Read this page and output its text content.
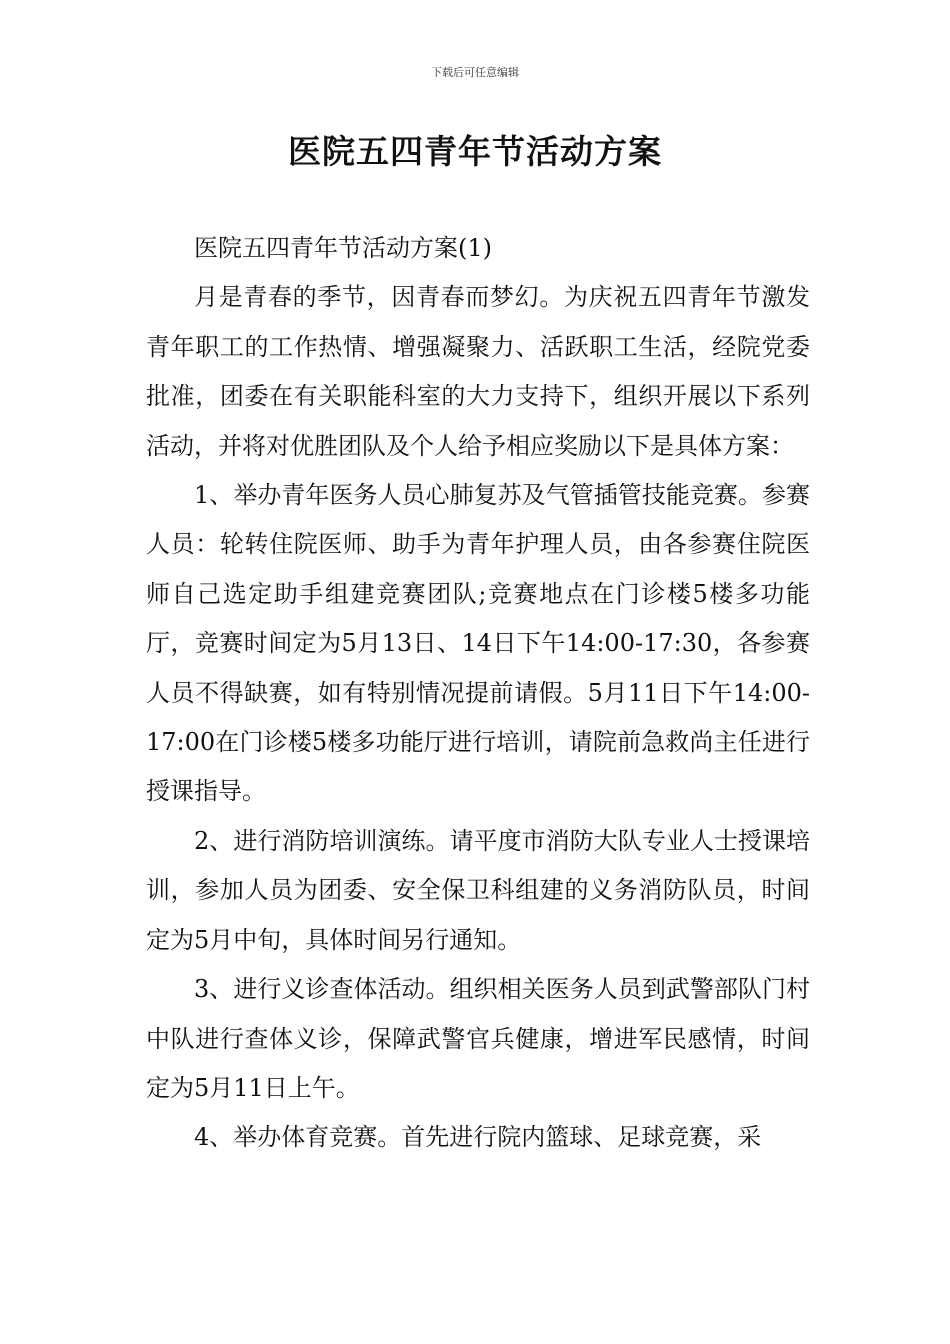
下载后可任意编辑
医院五四青年节活动方案

医院五四青年节活动方案(1)

月是青春的季节，因青春而梦幻。为庆祝五四青年节激发青年职工的工作热情、增强凝聚力、活跃职工生活，经院党委批准，团委在有关职能科室的大力支持下，组织开展以下系列活动，并将对优胜团队及个人给予相应奖励以下是具体方案：

1、举办青年医务人员心肺复苏及气管插管技能竞赛。参赛人员：轮转住院医师、助手为青年护理人员，由各参赛住院医师自己选定助手组建竞赛团队;竞赛地点在门诊楼5楼多功能厅，竞赛时间定为5月13日、14日下午14:00-17:30，各参赛人员不得缺赛，如有特别情况提前请假。5月11日下午14:00-17:00在门诊楼5楼多功能厅进行培训，请院前急救尚主任进行授课指导。

2、进行消防培训演练。请平度市消防大队专业人士授课培训，参加人员为团委、安全保卫科组建的义务消防队员，时间定为5月中旬，具体时间另行通知。

3、进行义诊查体活动。组织相关医务人员到武警部队门村中队进行查体义诊，保障武警官兵健康，增进军民感情，时间定为5月11日上午。

4、举办体育竞赛。首先进行院内篮球、足球竞赛，采
